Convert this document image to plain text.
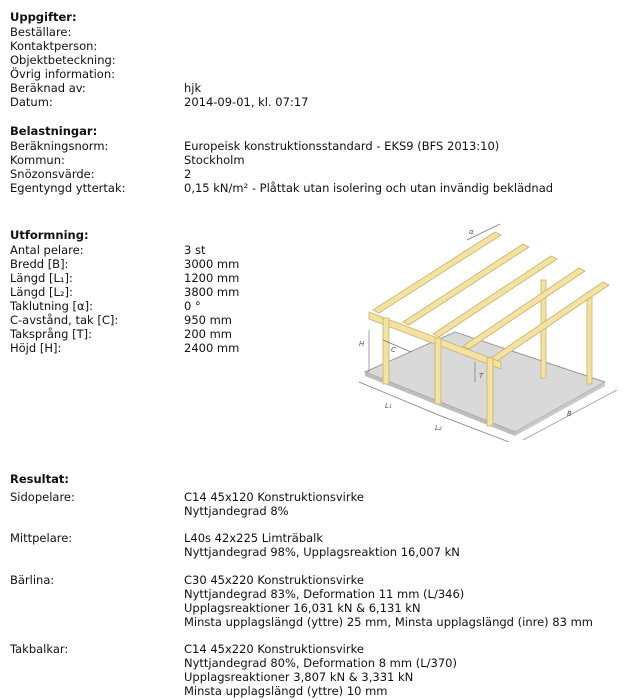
Uppgifter:
Beställare:
Kontaktperson:
Objektbeteckning:
Övrig information:
Beräknad av:	hjk
Datum:	2014-09-01, kl. 07:17
Belastningar:
Beräkningsnorm:	Europeisk konstruktionsstandard - EKS9 (BFS 2013:10)
Kommun:	Stockholm
Snözonsvärde:	2
Egentyngd yttertak:	0,15 kN/m² - Plåttak utan isolering och utan invändig beklädnad
Utformning:
Antal pelare:	3 st
Bredd [B]:	3000 mm
Längd [L₁]:	1200 mm
Längd [L₂]:	3800 mm
Taklutning [α]:	0 °
C-avstånd, tak [C]:	950 mm
Taksprång [T]:	200 mm
Höjd [H]:	2400 mm
α
H
C
T
L₁
L₂
B
Resultat:
Sidopelare:	C14 45x120 Konstruktionsvirke
Nyttjandegrad 8%
Mittpelare:	L40s 42x225 Limträbalk
Nyttjandegrad 98%, Upplagsreaktion 16,007 kN
Bärlina:	C30 45x220 Konstruktionsvirke
Nyttjandegrad 83%, Deformation 11 mm (L/346)
Upplagsreaktioner 16,031 kN & 6,131 kN
Minsta upplagslängd (yttre) 25 mm, Minsta upplagslängd (inre) 83 mm
Takbalkar:	C14 45x220 Konstruktionsvirke
Nyttjandegrad 80%, Deformation 8 mm (L/370)
Upplagsreaktioner 3,807 kN & 3,331 kN
Minsta upplagslängd (yttre) 10 mm
